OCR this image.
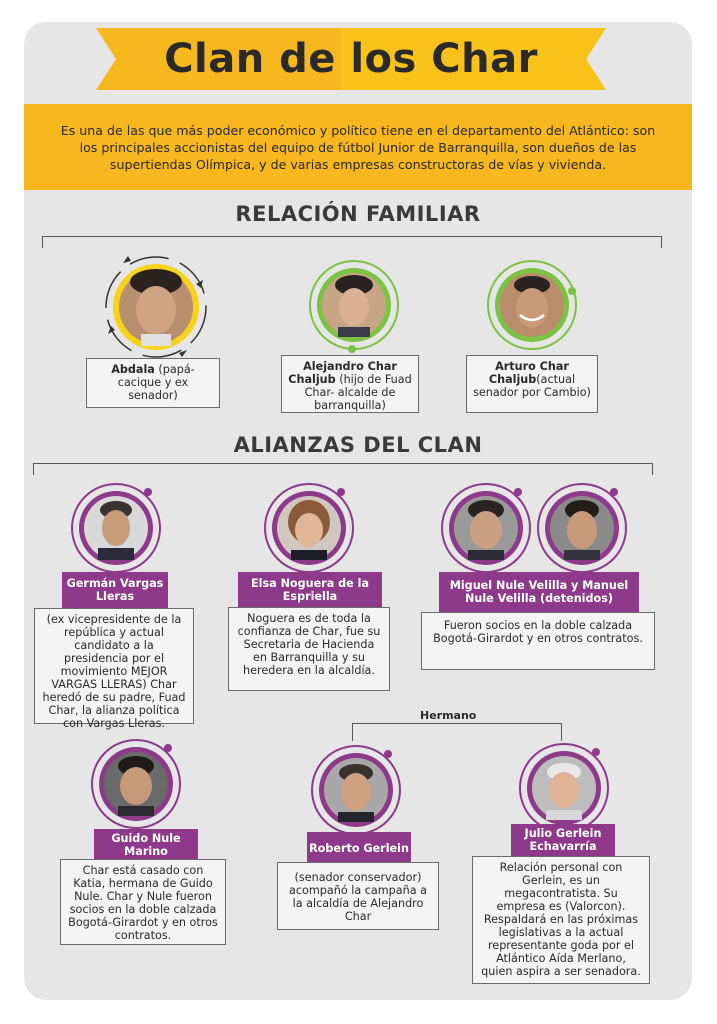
Clan de los Char
Es una de las que más poder económico y político tiene en el departamento del Atlántico: son los principales accionistas del equipo de fútbol Junior de Barranquilla, son dueños de las supertiendas Olímpica, y de varias empresas constructoras de vías y vivienda.
RELACIÓN FAMILIAR
Abdala (papá- cacique y ex senador)
Alejandro Char Chaljub (hijo de Fuad Char- alcalde de barranquilla)
Arturo Char Chaljub(actual senador por Cambio)
ALIANZAS DEL CLAN
Germán Vargas Lleras
Elsa Noguera de la Espriella
Miguel Nule Velilla y Manuel Nule Velilla (detenidos)
(ex vicepresidente de la república y actual candidato a la presidencia por el movimiento MEJOR VARGAS LLERAS) Char heredó de su padre, Fuad Char, la alianza política con Vargas Lleras.
Noguera es de toda la confianza de Char, fue su Secretaria de Hacienda en Barranquilla y su heredera en la alcaldía.
Fueron socios en la doble calzada Bogotá-Girardot y en otros contratos.
Hermano
Guido Nule Marino	Roberto Gerlein
Julio Gerlein Echavarría
Char está casado con Katia, hermana de Guido Nule. Char y Nule fueron socios en la doble calzada Bogotá-Girardot y en otros contratos.
(senador conservador) acompañó la campaña a la alcaldía de Alejandro Char
Relación personal con Gerlein, es un megacontratista. Su empresa es (Valorcon). Respaldará en las próximas legislativas a la actual representante goda por el Atlántico Aída Merlano, quien aspira a ser senadora.
